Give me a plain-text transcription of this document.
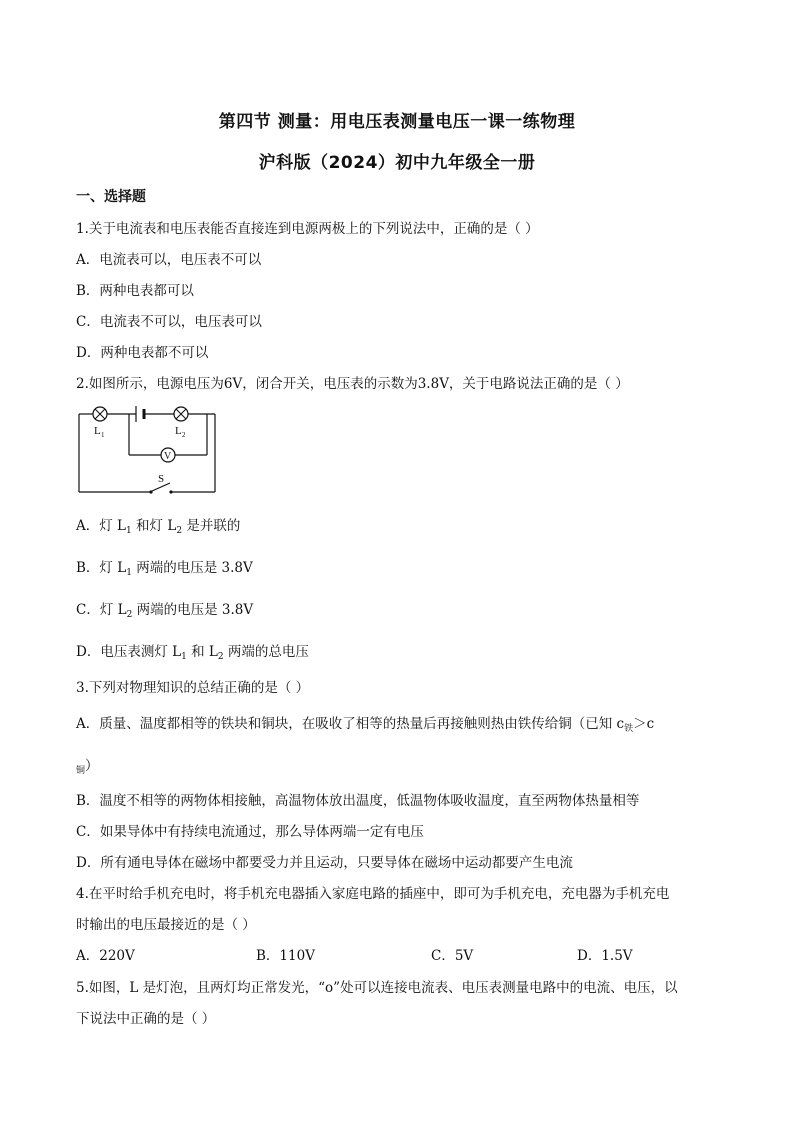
第四节 测量：用电压表测量电压一课一练物理
沪科版（2024）初中九年级全一册
一、选择题
1.关于电流表和电压表能否直接连到电源两极上的下列说法中，正确的是（ ）
A．电流表可以，电压表不可以
B．两种电表都可以
C．电流表不可以，电压表可以
D．两种电表都不可以
2.如图所示，电源电压为6V，闭合开关，电压表的示数为3.8V，关于电路说法正确的是（ ）
V
S
L 1	L 2
A．灯 $L_1$ 和灯 $L_2$ 是并联的
B．灯 $L_1$ 两端的电压是 3.8V
C．灯 $L_2$ 两端的电压是 3.8V
D．电压表测灯 $L_1$ 和 $L_2$ 两端的总电压
3.下列对物理知识的总结正确的是（ ）
A．质量、温度都相等的铁块和铜块，在吸收了相等的热量后再接触则热由铁传给铜（已知 $c_铁>c$
$_铜$）
B．温度不相等的两物体相接触，高温物体放出温度，低温物体吸收温度，直至两物体热量相等
C．如果导体中有持续电流通过，那么导体两端一定有电压
D．所有通电导体在磁场中都要受力并且运动，只要导体在磁场中运动都要产生电流
4.在平时给手机充电时，将手机充电器插入家庭电路的插座中，即可为手机充电，充电器为手机充电
时输出的电压最接近的是（ ）
A．220V	B．110V	C．5V	D．1.5V
5.如图，L 是灯泡，且两灯均正常发光，“o”处可以连接电流表、电压表测量电路中的电流、电压，以
下说法中正确的是（ ）
